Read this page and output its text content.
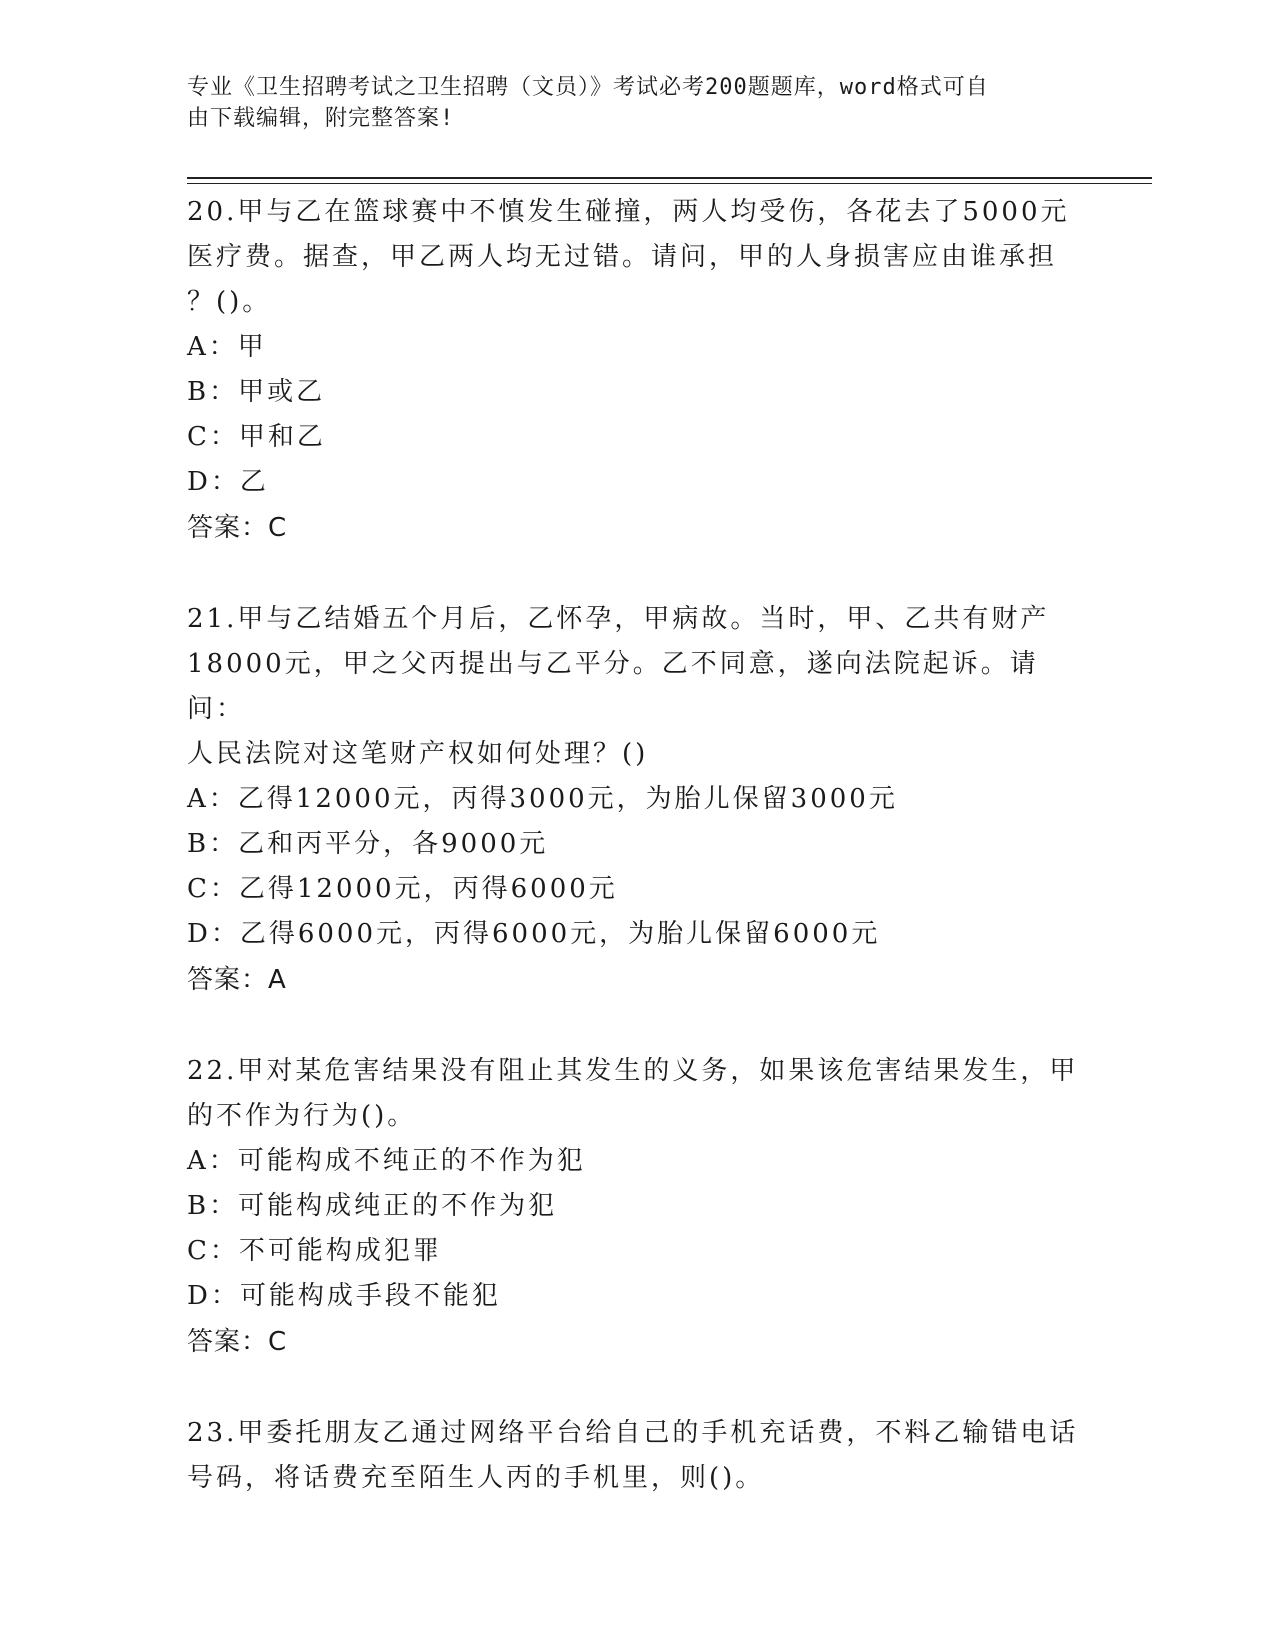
专业《卫生招聘考试之卫生招聘（文员）》考试必考200题题库，word格式可自
由下载编辑，附完整答案!
20.甲与乙在篮球赛中不慎发生碰撞，两人均受伤，各花去了5000元
医疗费。据查，甲乙两人均无过错。请问，甲的人身损害应由谁承担
？()。
A：甲
B：甲或乙
C：甲和乙
D：乙
答案：C
21.甲与乙结婚五个月后，乙怀孕，甲病故。当时，甲、乙共有财产
18000元，甲之父丙提出与乙平分。乙不同意，遂向法院起诉。请问：
人民法院对这笔财产权如何处理？()
A：乙得12000元，丙得3000元，为胎儿保留3000元
B：乙和丙平分，各9000元
C：乙得12000元，丙得6000元
D：乙得6000元，丙得6000元，为胎儿保留6000元
答案：A
22.甲对某危害结果没有阻止其发生的义务，如果该危害结果发生，甲
的不作为行为()。
A：可能构成不纯正的不作为犯
B：可能构成纯正的不作为犯
C：不可能构成犯罪
D：可能构成手段不能犯
答案：C
23.甲委托朋友乙通过网络平台给自己的手机充话费，不料乙输错电话
号码，将话费充至陌生人丙的手机里，则()。
